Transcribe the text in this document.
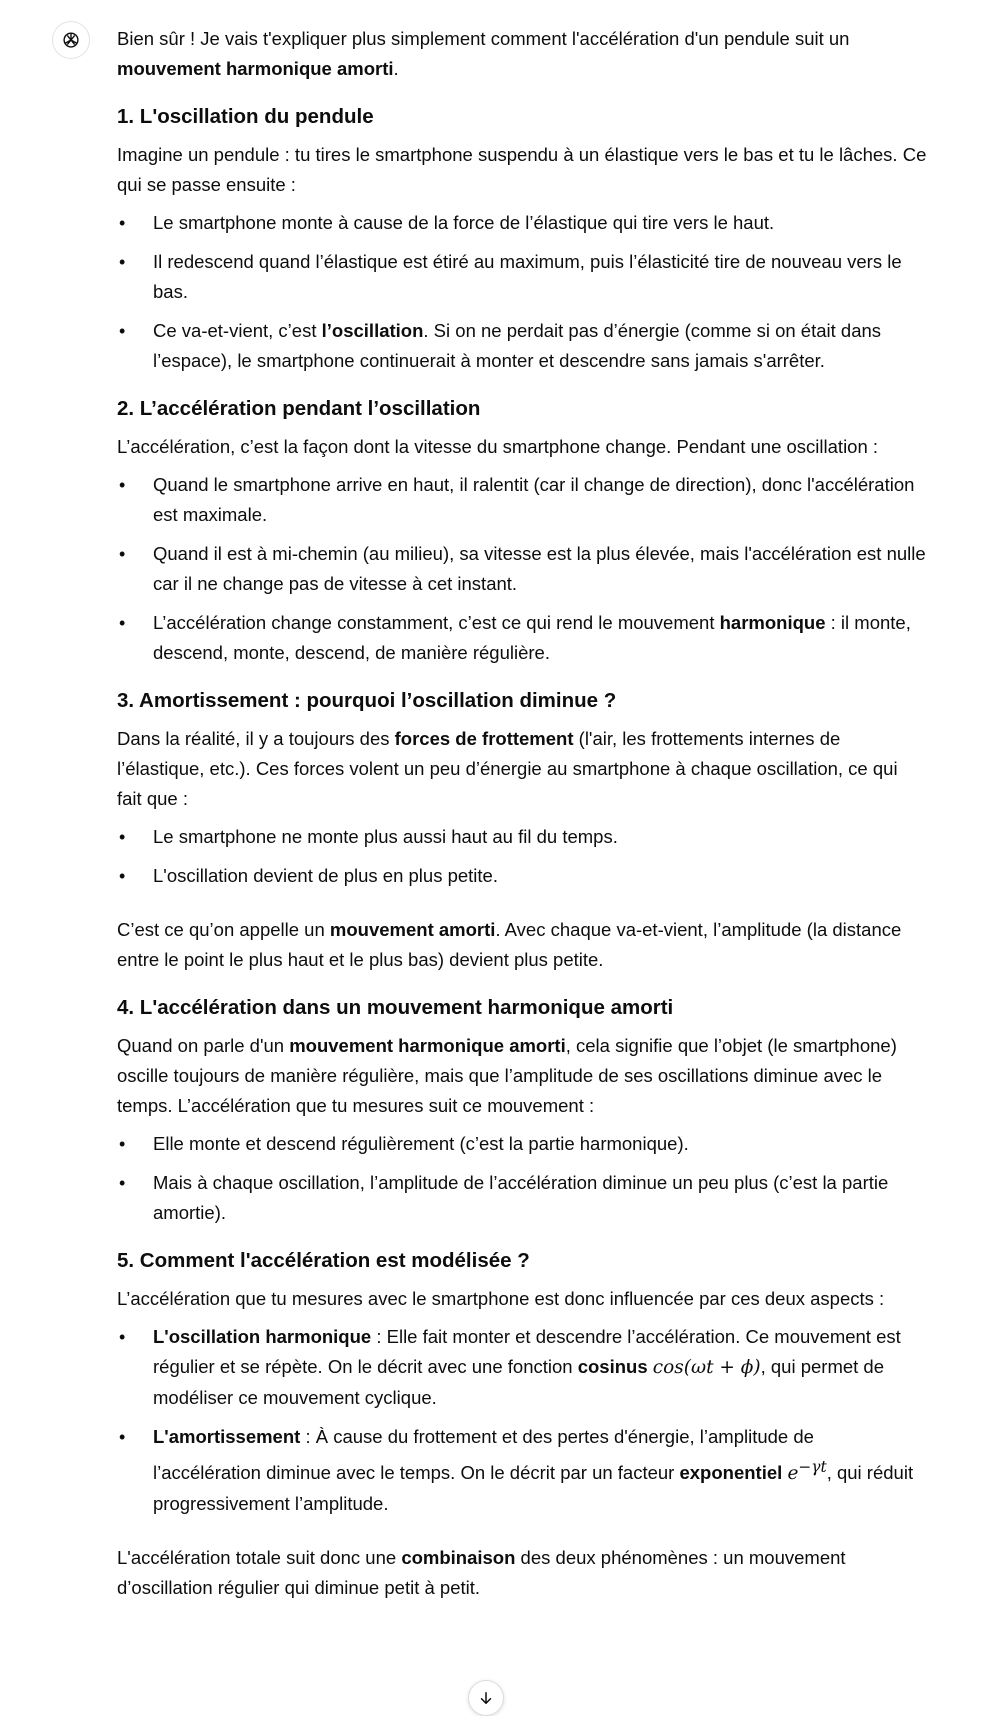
Bien sûr ! Je vais t'expliquer plus simplement comment l'accélération d'un pendule suit un mouvement harmonique amorti.

1. L'oscillation du pendule

Imagine un pendule : tu tires le smartphone suspendu à un élastique vers le bas et tu le lâches. Ce qui se passe ensuite :

• Le smartphone monte à cause de la force de l’élastique qui tire vers le haut.
• Il redescend quand l’élastique est étiré au maximum, puis l’élasticité tire de nouveau vers le bas.
• Ce va-et-vient, c’est l’oscillation. Si on ne perdait pas d’énergie (comme si on était dans l’espace), le smartphone continuerait à monter et descendre sans jamais s'arrêter.
2. L’accélération pendant l’oscillation

L’accélération, c’est la façon dont la vitesse du smartphone change. Pendant une oscillation :

• Quand le smartphone arrive en haut, il ralentit (car il change de direction), donc l'accélération est maximale.
• Quand il est à mi-chemin (au milieu), sa vitesse est la plus élevée, mais l'accélération est nulle car il ne change pas de vitesse à cet instant.
• L’accélération change constamment, c’est ce qui rend le mouvement harmonique : il monte, descend, monte, descend, de manière régulière.
3. Amortissement : pourquoi l’oscillation diminue ?

Dans la réalité, il y a toujours des forces de frottement (l'air, les frottements internes de l’élastique, etc.). Ces forces volent un peu d’énergie au smartphone à chaque oscillation, ce qui fait que :

• Le smartphone ne monte plus aussi haut au fil du temps.
• L'oscillation devient de plus en plus petite.

C’est ce qu’on appelle un mouvement amorti. Avec chaque va-et-vient, l’amplitude (la distance entre le point le plus haut et le plus bas) devient plus petite.

4. L'accélération dans un mouvement harmonique amorti

Quand on parle d'un mouvement harmonique amorti, cela signifie que l’objet (le smartphone) oscille toujours de manière régulière, mais que l’amplitude de ses oscillations diminue avec le temps. L’accélération que tu mesures suit ce mouvement :

• Elle monte et descend régulièrement (c’est la partie harmonique).
• Mais à chaque oscillation, l’amplitude de l’accélération diminue un peu plus (c’est la partie amortie).
5. Comment l'accélération est modélisée ?

L’accélération que tu mesures avec le smartphone est donc influencée par ces deux aspects :

• L'oscillation harmonique : Elle fait monter et descendre l’accélération. Ce mouvement est régulier et se répète. On le décrit avec une fonction cosinus cos(ωt + ϕ), qui permet de modéliser ce mouvement cyclique.
• L'amortissement : À cause du frottement et des pertes d'énergie, l’amplitude de l’accélération diminue avec le temps. On le décrit par un facteur exponentiel $e^{-\gamma t}$, qui réduit progressivement l’amplitude.

L'accélération totale suit donc une combinaison des deux phénomènes : un mouvement d’oscillation régulier qui diminue petit à petit.
